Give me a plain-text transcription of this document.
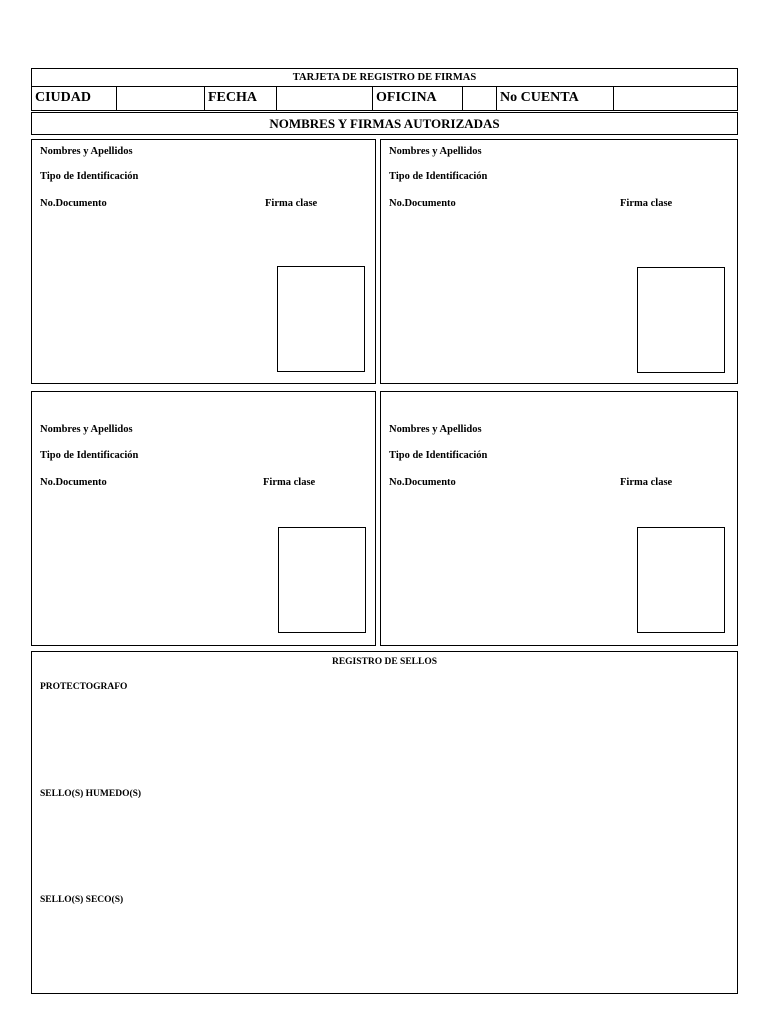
TARJETA DE REGISTRO DE FIRMAS
CIUDAD	FECHA	OFICINA	No CUENTA
NOMBRES Y FIRMAS AUTORIZADAS
Nombres y Apellidos
Tipo de Identificación
No.Documento	Firma clase
Nombres y Apellidos
Tipo de Identificación
No.Documento	Firma clase
Nombres y Apellidos
Tipo de Identificación
No.Documento	Firma clase
Nombres y Apellidos
Tipo de Identificación
No.Documento	Firma clase
REGISTRO DE SELLOS
PROTECTOGRAFO
SELLO(S) HUMEDO(S)
SELLO(S) SECO(S)
